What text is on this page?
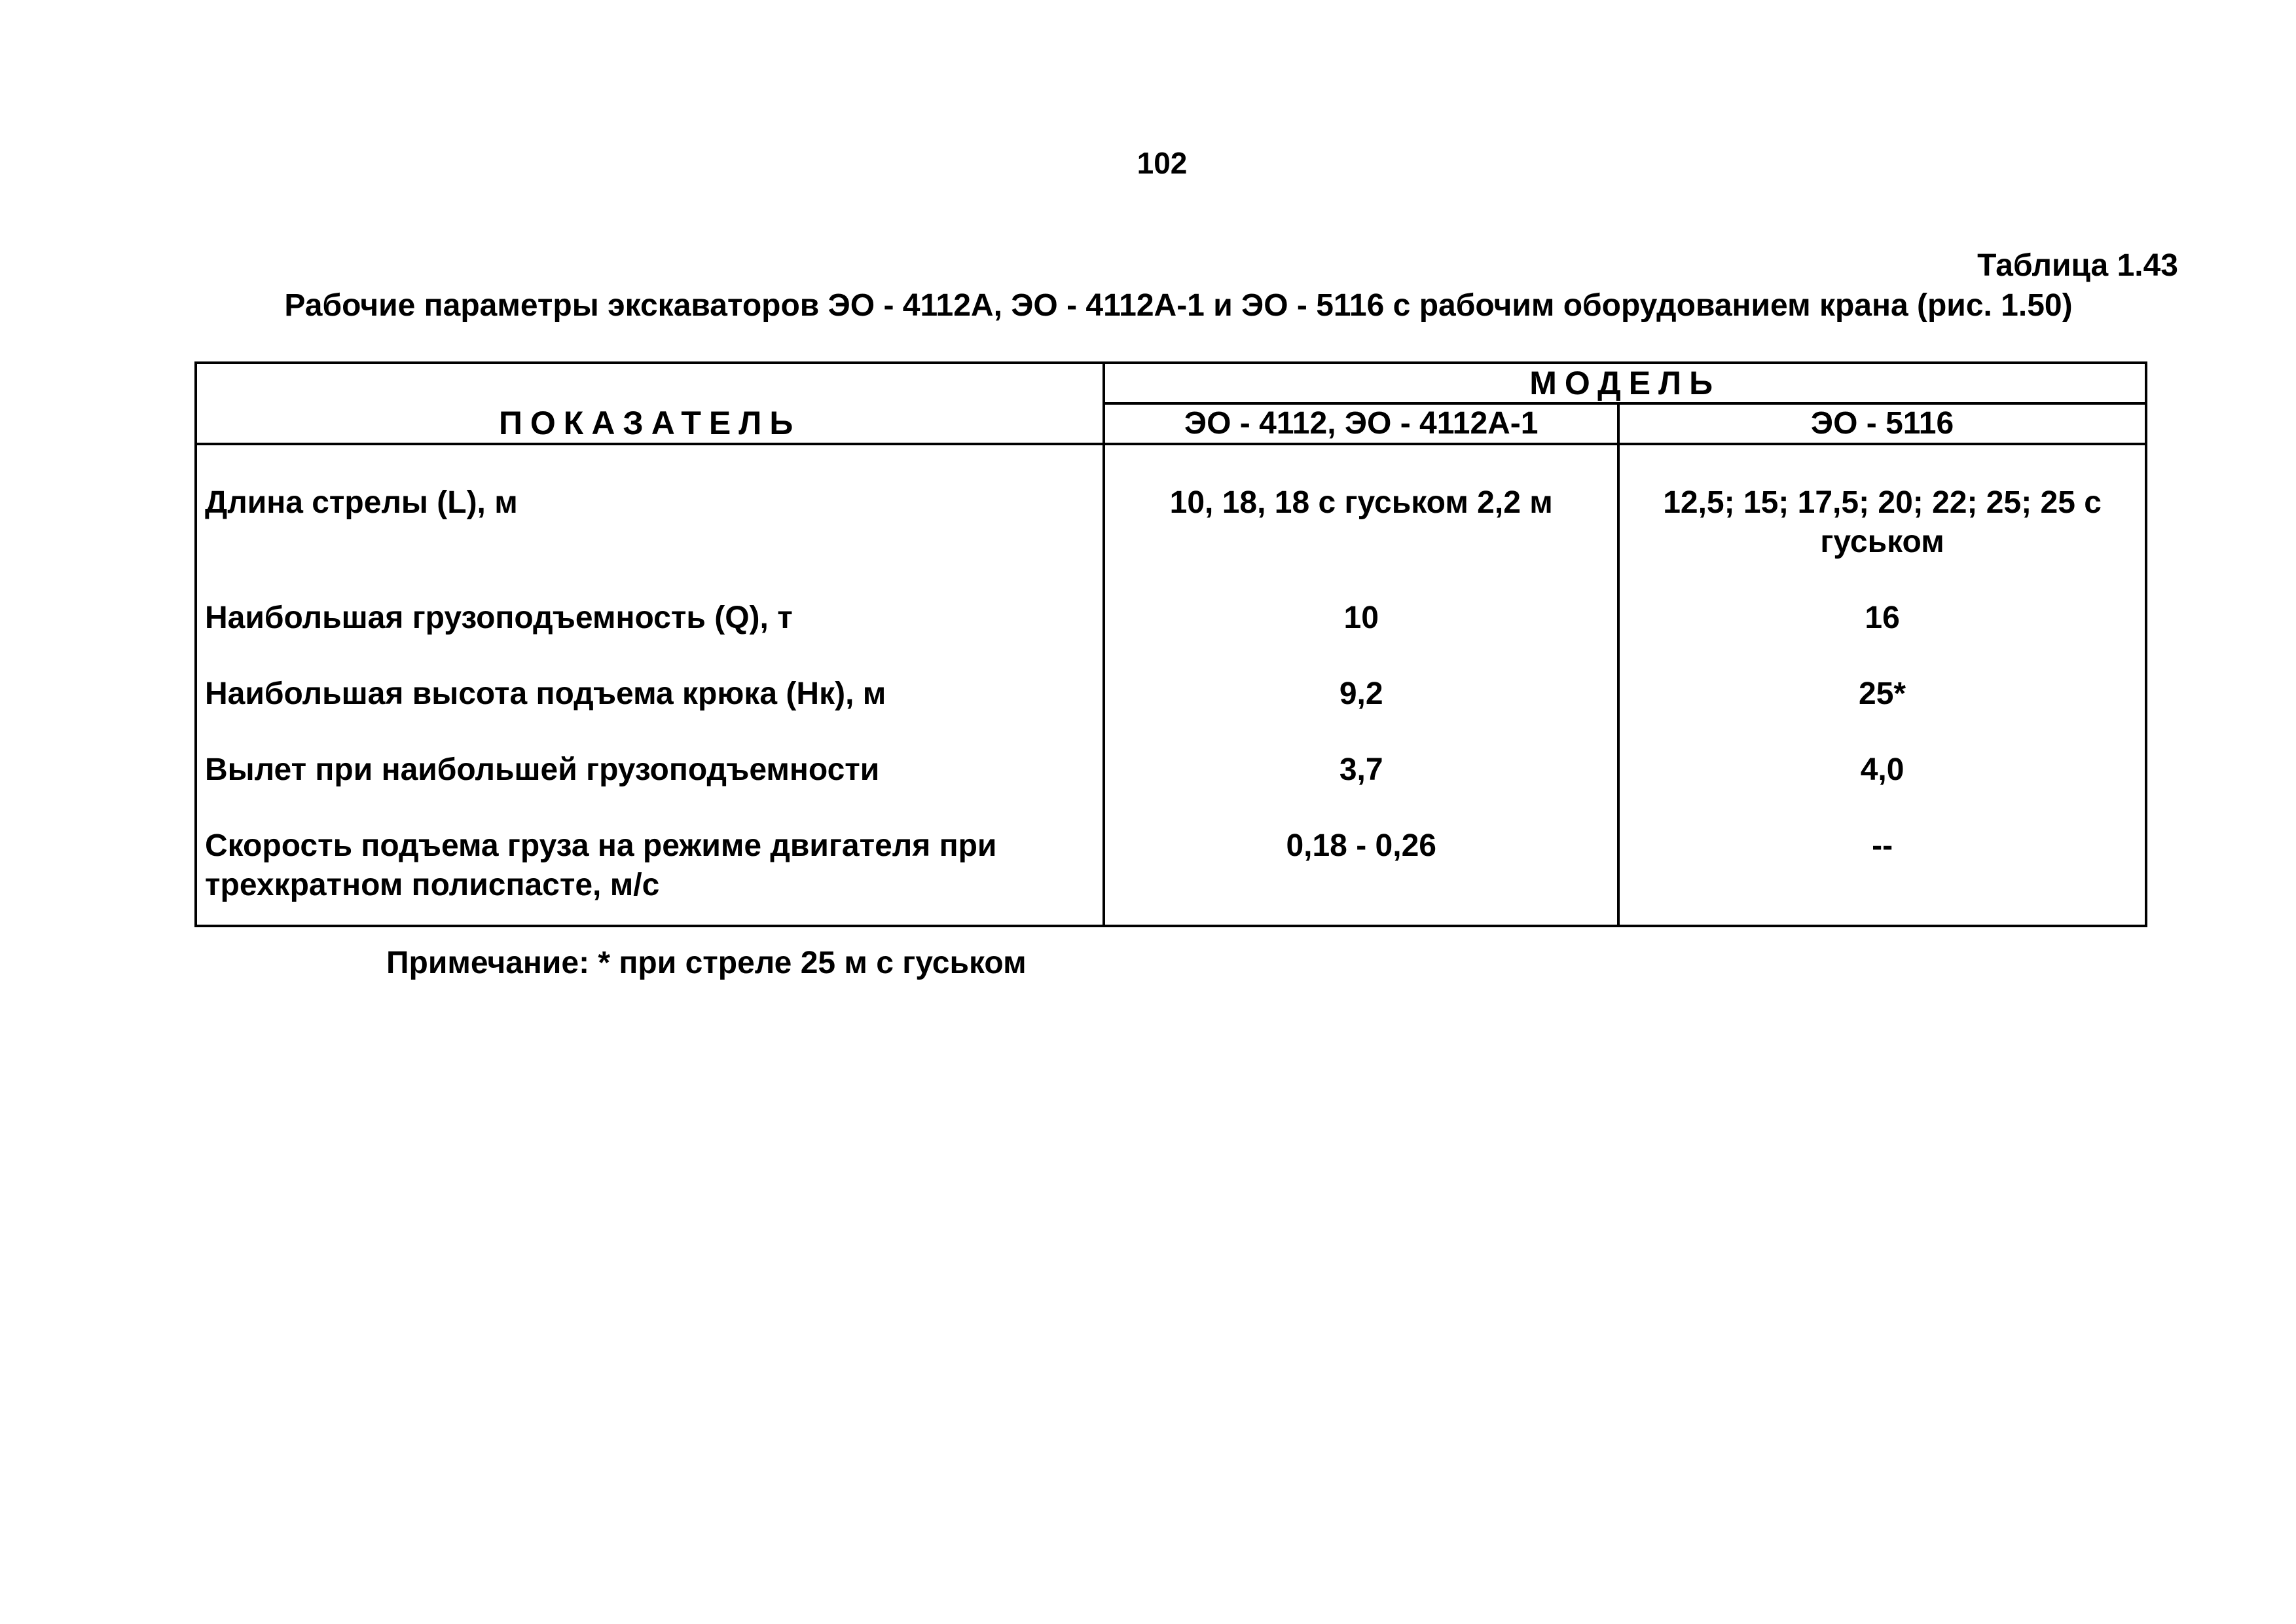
102
Таблица 1.43
Рабочие параметры экскаваторов ЭО - 4112А, ЭО - 4112А-1 и ЭО - 5116 с рабочим оборудованием крана (рис. 1.50)
ПОКАЗАТЕЛЬ	МОДЕЛЬ	
	ЭО - 4112, ЭО - 4112А-1	ЭО - 5116
Длина стрелы (L), м	10, 18, 18 с гуськом 2,2 м	12,5; 15; 17,5; 20; 22; 25; 25 с гуськом
Наибольшая грузоподъемность (Q), т	10	16
Наибольшая высота подъема крюка (Нк), м	9,2	25*
Вылет при наибольшей грузоподъемности	3,7	4,0
Скорость подъема груза на режиме двигателя при трехкратном полиспасте, м/с	0,18 - 0,26	--
Примечание: * при стреле 25 м с гуськом
